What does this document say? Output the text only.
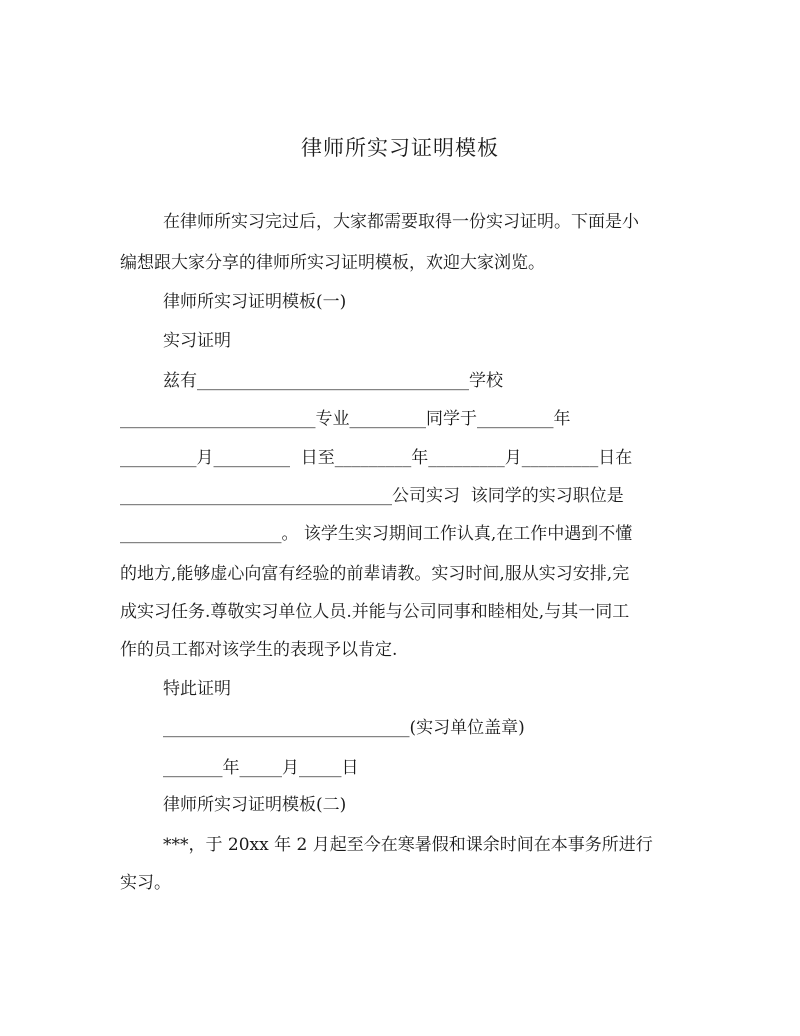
律师所实习证明模板
在律师所实习完过后，大家都需要取得一份实习证明。下面是小
编想跟大家分享的律师所实习证明模板，欢迎大家浏览。
律师所实习证明模板(一)
实习证明
兹有________________________________学校
_______________________专业_________同学于_________年
_________月_________  日至_________年_________月_________日在
________________________________公司实习  该同学的实习职位是
___________________。 该学生实习期间工作认真,在工作中遇到不懂
的地方,能够虚心向富有经验的前辈请教。实习时间,服从实习安排,完
成实习任务.尊敬实习单位人员.并能与公司同事和睦相处,与其一同工
作的员工都对该学生的表现予以肯定.
特此证明
_____________________________(实习单位盖章)
_______年_____月_____日
律师所实习证明模板(二)
***，于 20xx 年 2 月起至今在寒暑假和课余时间在本事务所进行
实习。
